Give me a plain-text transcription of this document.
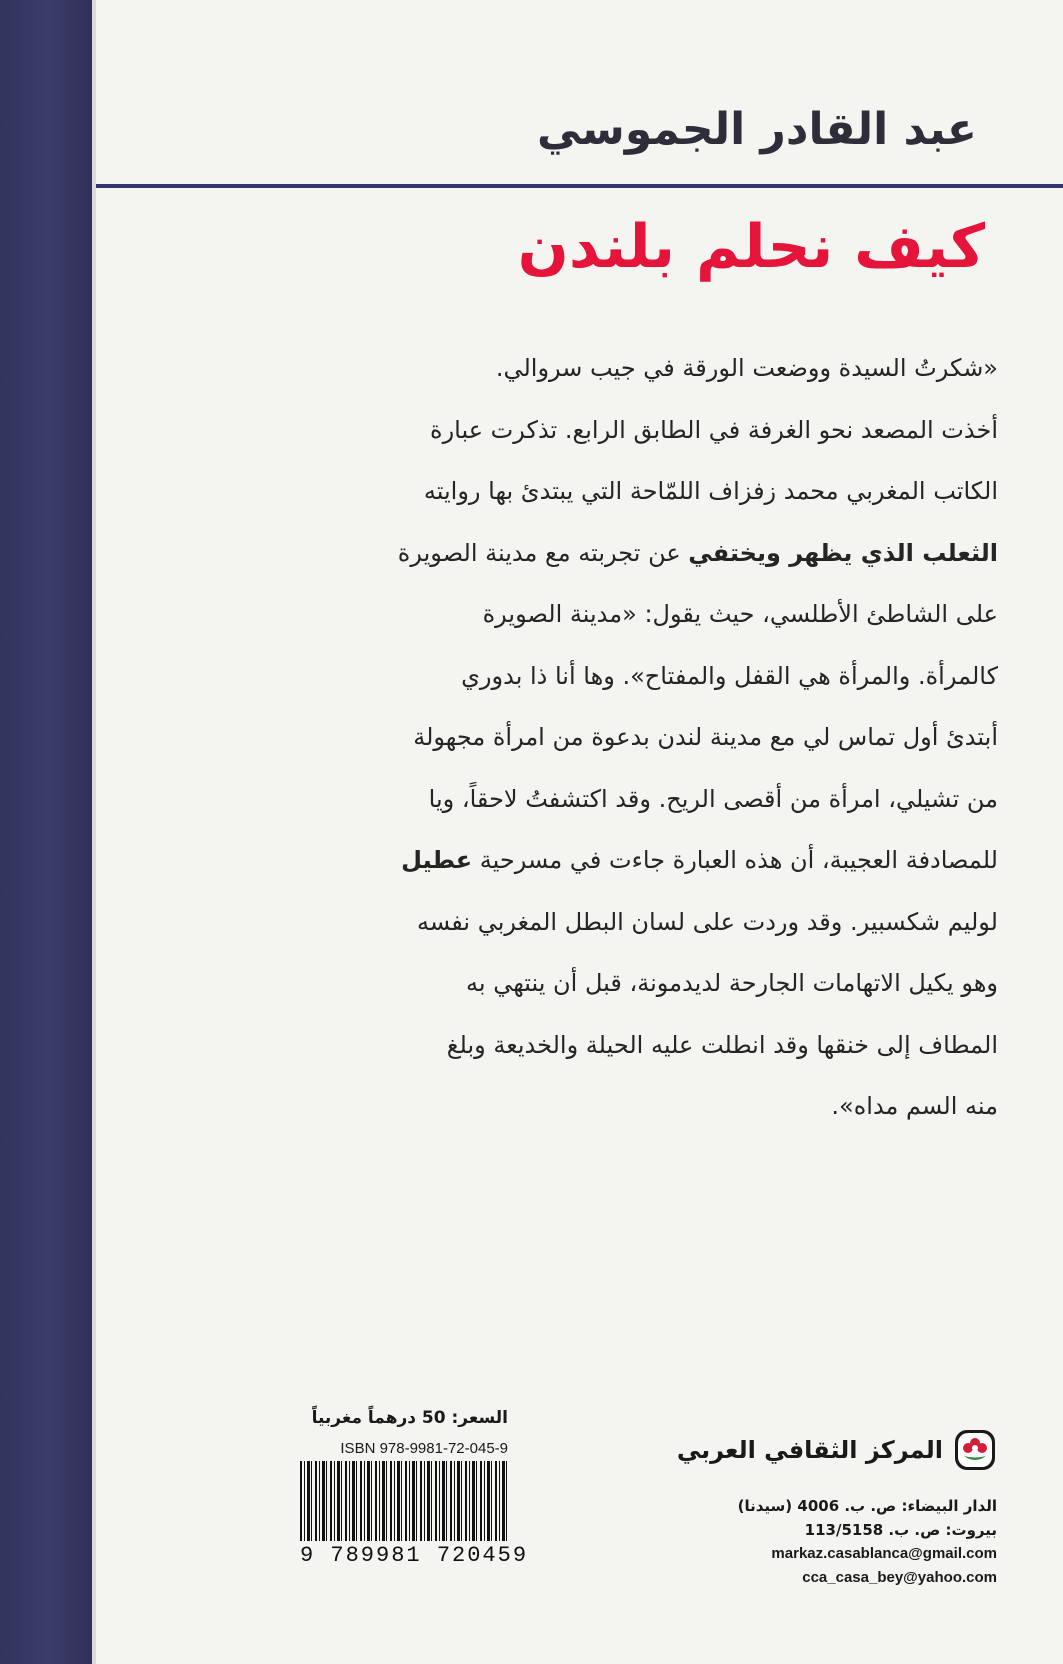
عبد القادر الجموسي
كيف نحلم بلندن
«شكرتُ السيدة ووضعت الورقة في جيب سروالي.
أخذت المصعد نحو الغرفة في الطابق الرابع. تذكرت عبارة
الكاتب المغربي محمد زفزاف اللمّاحة التي يبتدئ بها روايته
الثعلب الذي يظهر ويختفي عن تجربته مع مدينة الصويرة
على الشاطئ الأطلسي، حيث يقول: «مدينة الصويرة
كالمرأة. والمرأة هي القفل والمفتاح». وها أنا ذا بدوري
أبتدئ أول تماس لي مع مدينة لندن بدعوة من امرأة مجهولة
من تشيلي، امرأة من أقصى الريح. وقد اكتشفتُ لاحقاً، ويا
للمصادفة العجيبة، أن هذه العبارة جاءت في مسرحية عطيل
لوليم شكسبير. وقد وردت على لسان البطل المغربي نفسه
وهو يكيل الاتهامات الجارحة لديدمونة، قبل أن ينتهي به
المطاف إلى خنقها وقد انطلت عليه الحيلة والخديعة وبلغ
منه السم مداه».
السعر: 50 درهماً مغربياً
ISBN 978-9981-72-045-9
9 789981 720459
المركز الثقافي العربي
الدار البيضاء: ص. ب. 4006 (سيدنا)
بيروت: ص. ب. 113/5158
markaz.casablanca@gmail.com
cca_casa_bey@yahoo.com
